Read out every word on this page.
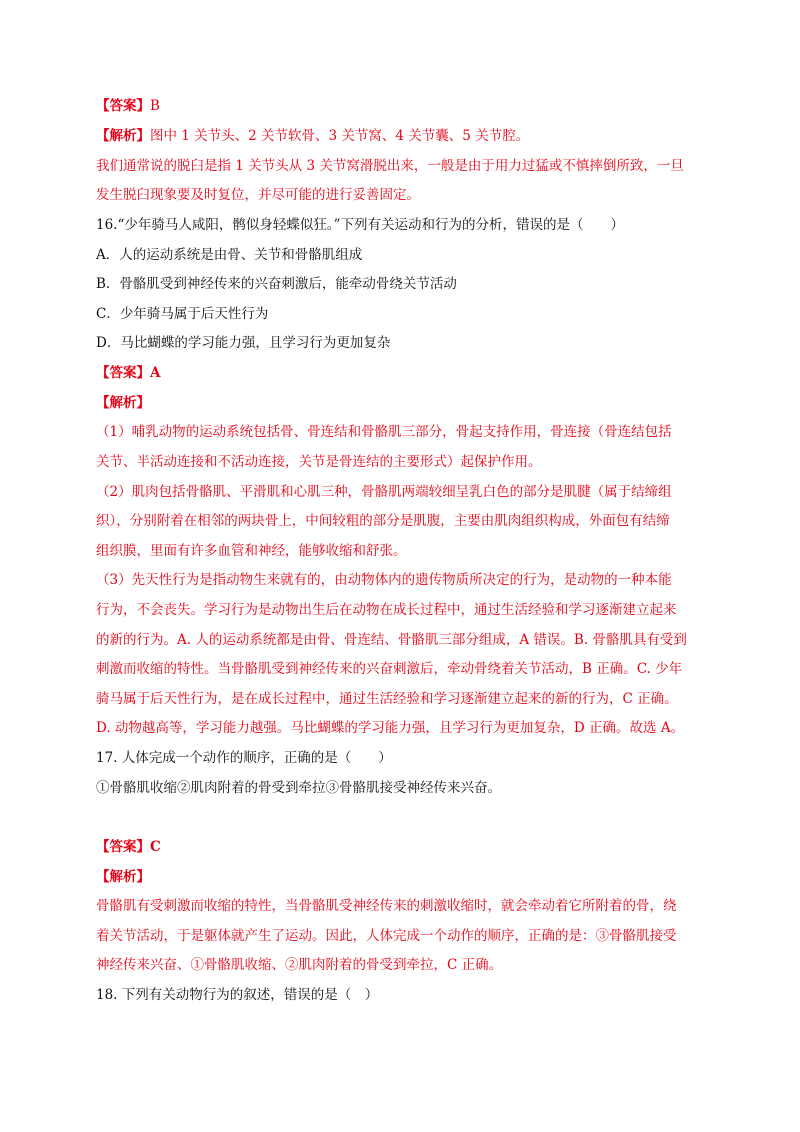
【答案】B
【解析】图中 1 关节头、2 关节软骨、3 关节窝、4 关节囊、5 关节腔。
我们通常说的脱臼是指 1 关节头从 3 关节窝滑脱出来，一般是由于用力过猛或不慎摔倒所致，一旦
发生脱臼现象要及时复位，并尽可能的进行妥善固定。
16.“少年骑马人咸阳，鹘似身轻蝶似狂。”下列有关运动和行为的分析，错误的是（　　）
A．人的运动系统是由骨、关节和骨骼肌组成
B．骨骼肌受到神经传来的兴奋刺激后，能牵动骨绕关节活动
C．少年骑马属于后天性行为
D．马比蝴蝶的学习能力强，且学习行为更加复杂
【答案】A
【解析】
（1）哺乳动物的运动系统包括骨、骨连结和骨骼肌三部分，骨起支持作用，骨连接（骨连结包括
关节、半活动连接和不活动连接，关节是骨连结的主要形式）起保护作用。
（2）肌肉包括骨骼肌、平滑肌和心肌三种，骨骼肌两端较细呈乳白色的部分是肌腱（属于结缔组
织），分别附着在相邻的两块骨上，中间较粗的部分是肌腹，主要由肌肉组织构成，外面包有结缔
组织膜，里面有许多血管和神经，能够收缩和舒张。
（3）先天性行为是指动物生来就有的，由动物体内的遗传物质所决定的行为，是动物的一种本能
行为，不会丧失。学习行为是动物出生后在动物在成长过程中，通过生活经验和学习逐渐建立起来
的新的行为。A. 人的运动系统都是由骨、骨连结、骨骼肌三部分组成，A 错误。B. 骨骼肌具有受到
刺激而收缩的特性。当骨骼肌受到神经传来的兴奋刺激后，牵动骨绕着关节活动，B 正确。C. 少年
骑马属于后天性行为，是在成长过程中，通过生活经验和学习逐渐建立起来的新的行为，C 正确。
D. 动物越高等，学习能力越强。马比蝴蝶的学习能力强，且学习行为更加复杂，D 正确。故选 A。
17. 人体完成一个动作的顺序，正确的是（　　）
①骨骼肌收缩②肌肉附着的骨受到牵拉③骨骼肌接受神经传来兴奋。
【答案】C
【解析】
骨骼肌有受刺激而收缩的特性，当骨骼肌受神经传来的刺激收缩时，就会牵动着它所附着的骨，绕
着关节活动，于是躯体就产生了运动。因此，人体完成一个动作的顺序，正确的是：③骨骼肌接受
神经传来兴奋、①骨骼肌收缩、②肌肉附着的骨受到牵拉，C 正确。
18. 下列有关动物行为的叙述，错误的是（　）
